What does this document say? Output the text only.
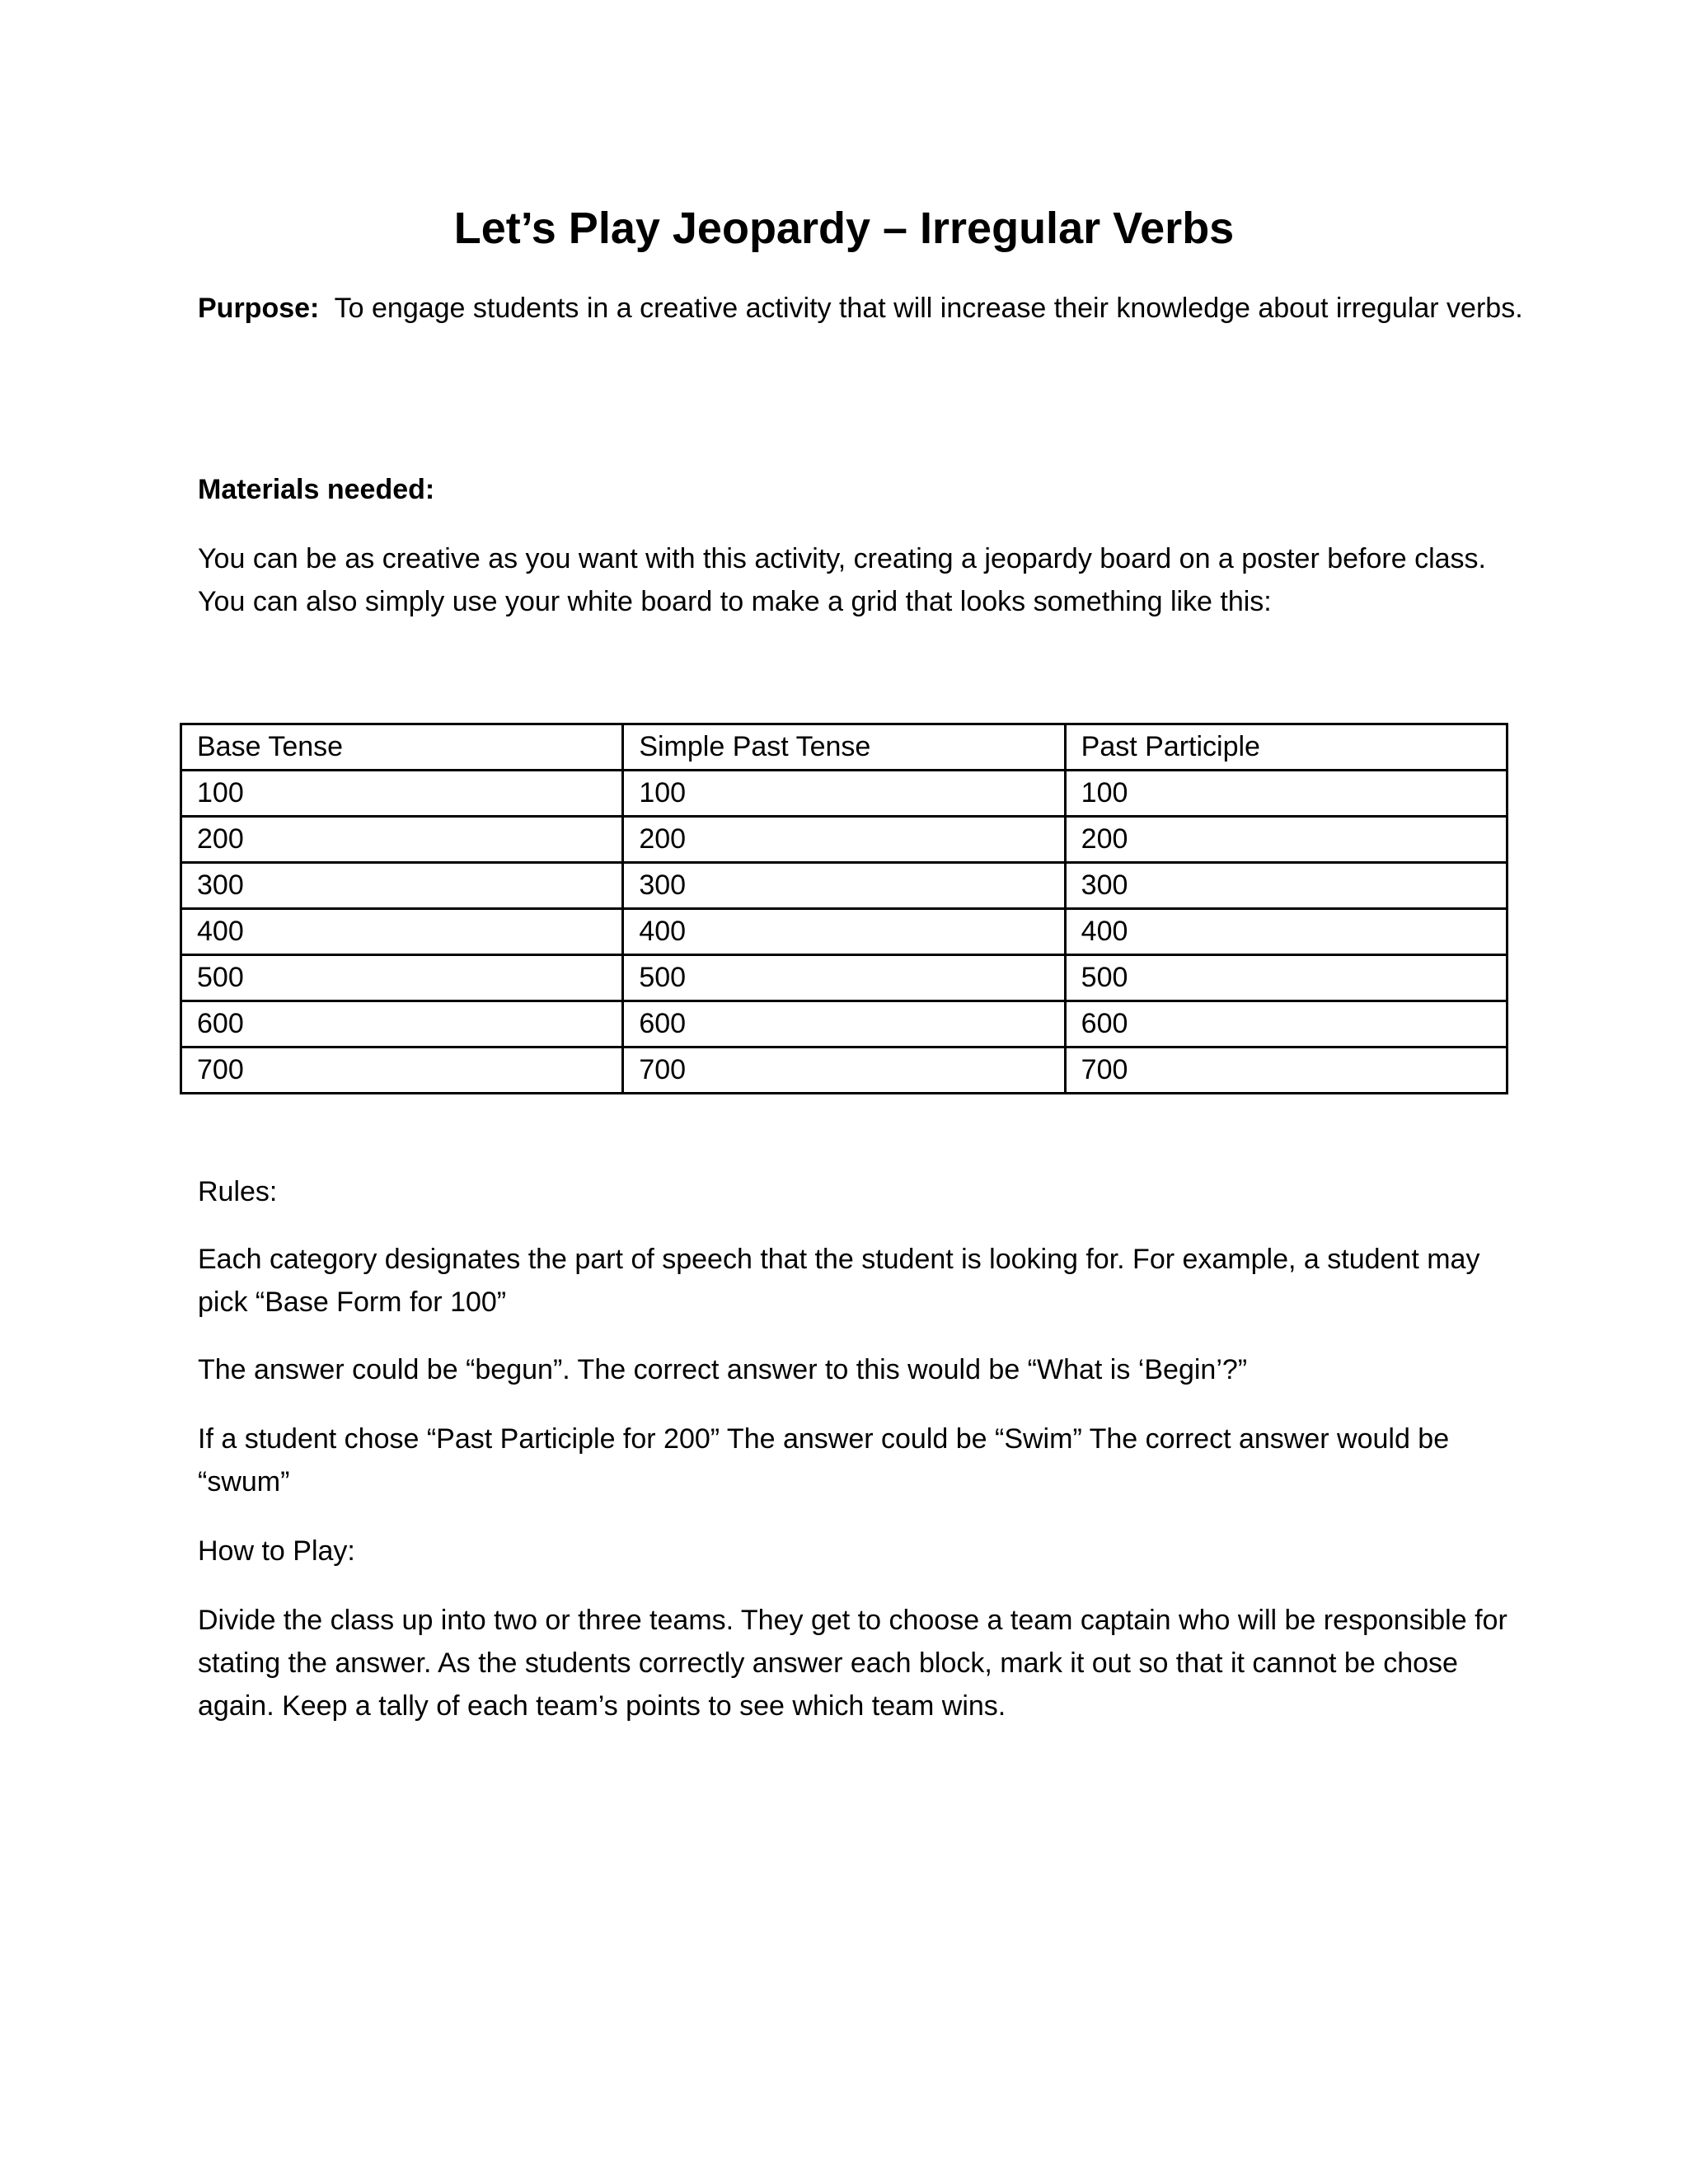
Let’s Play Jeopardy – Irregular Verbs
Purpose: To engage students in a creative activity that will increase their knowledge about irregular verbs.
Materials needed:
You can be as creative as you want with this activity, creating a jeopardy board on a poster before class. You can also simply use your white board to make a grid that looks something like this:
Base Tense	Simple Past Tense	Past Participle
100	100	100
200	200	200
300	300	300
400	400	400
500	500	500
600	600	600
700	700	700
Rules:
Each category designates the part of speech that the student is looking for. For example, a student may pick “Base Form for 100”
The answer could be “begun”. The correct answer to this would be “What is ‘Begin’?”
If a student chose “Past Participle for 200” The answer could be “Swim” The correct answer would be “swum”
How to Play:
Divide the class up into two or three teams. They get to choose a team captain who will be responsible for stating the answer. As the students correctly answer each block, mark it out so that it cannot be chose again. Keep a tally of each team’s points to see which team wins.
